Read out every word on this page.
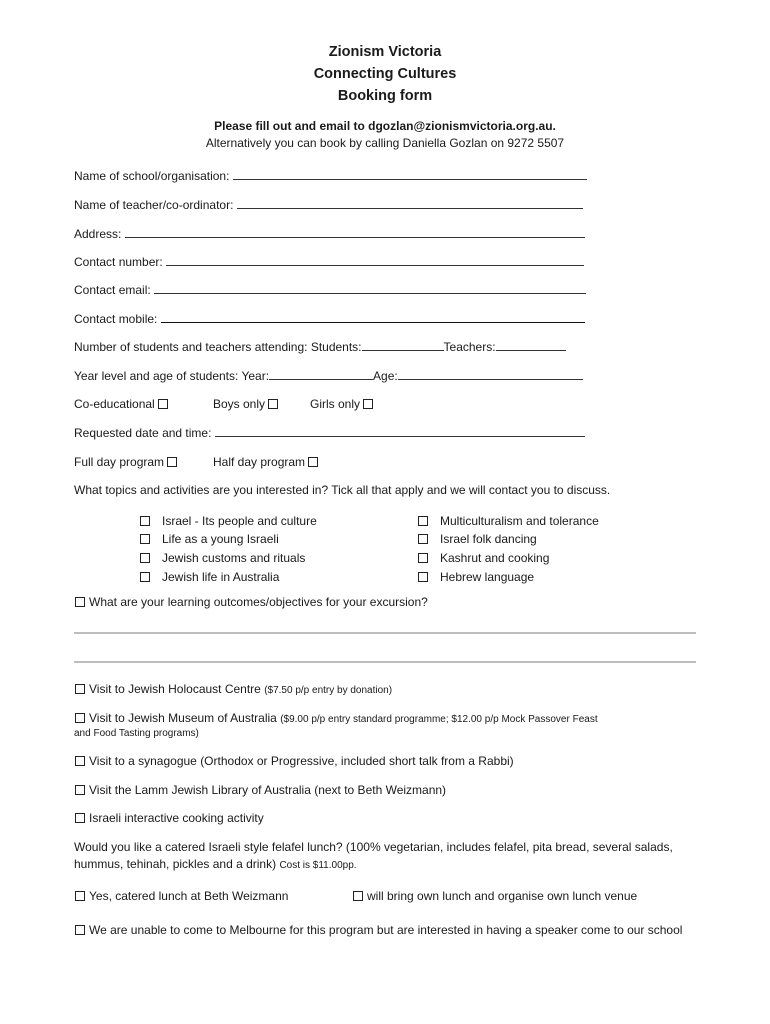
Zionism Victoria
Connecting Cultures
Booking form
Please fill out and email to dgozlan@zionismvictoria.org.au.
Alternatively you can book by calling Daniella Gozlan on 9272 5507
Name of school/organisation:
Name of teacher/co-ordinator:
Address:
Contact number:
Contact email:
Contact mobile:
Number of students and teachers attending: Students:	Teachers:
Year level and age of students: Year:	Age:
Co-educational	Boys only	Girls only
Requested date and time:
Full day program	Half day program
What topics and activities are you interested in? Tick all that apply and we will contact you to discuss.
Israel - Its people and culture
Life as a young Israeli
Jewish customs and rituals
Jewish life in Australia
Multiculturalism and tolerance
Israel folk dancing
Kashrut and cooking
Hebrew language
What are your learning outcomes/objectives for your excursion?
Visit to Jewish Holocaust Centre ($7.50 p/p entry by donation)
Visit to Jewish Museum of Australia ($9.00 p/p entry standard programme; $12.00 p/p Mock Passover Feast
and Food Tasting programs)
Visit to a synagogue (Orthodox or Progressive, included short talk from a Rabbi)
Visit the Lamm Jewish Library of Australia (next to Beth Weizmann)
Israeli interactive cooking activity
Would you like a catered Israeli style felafel lunch? (100% vegetarian, includes felafel, pita bread, several salads, hummus, tehinah, pickles and a drink) Cost is $11.00pp.
Yes, catered lunch at Beth Weizmann	will bring own lunch and organise own lunch venue
We are unable to come to Melbourne for this program but are interested in having a speaker come to our school
